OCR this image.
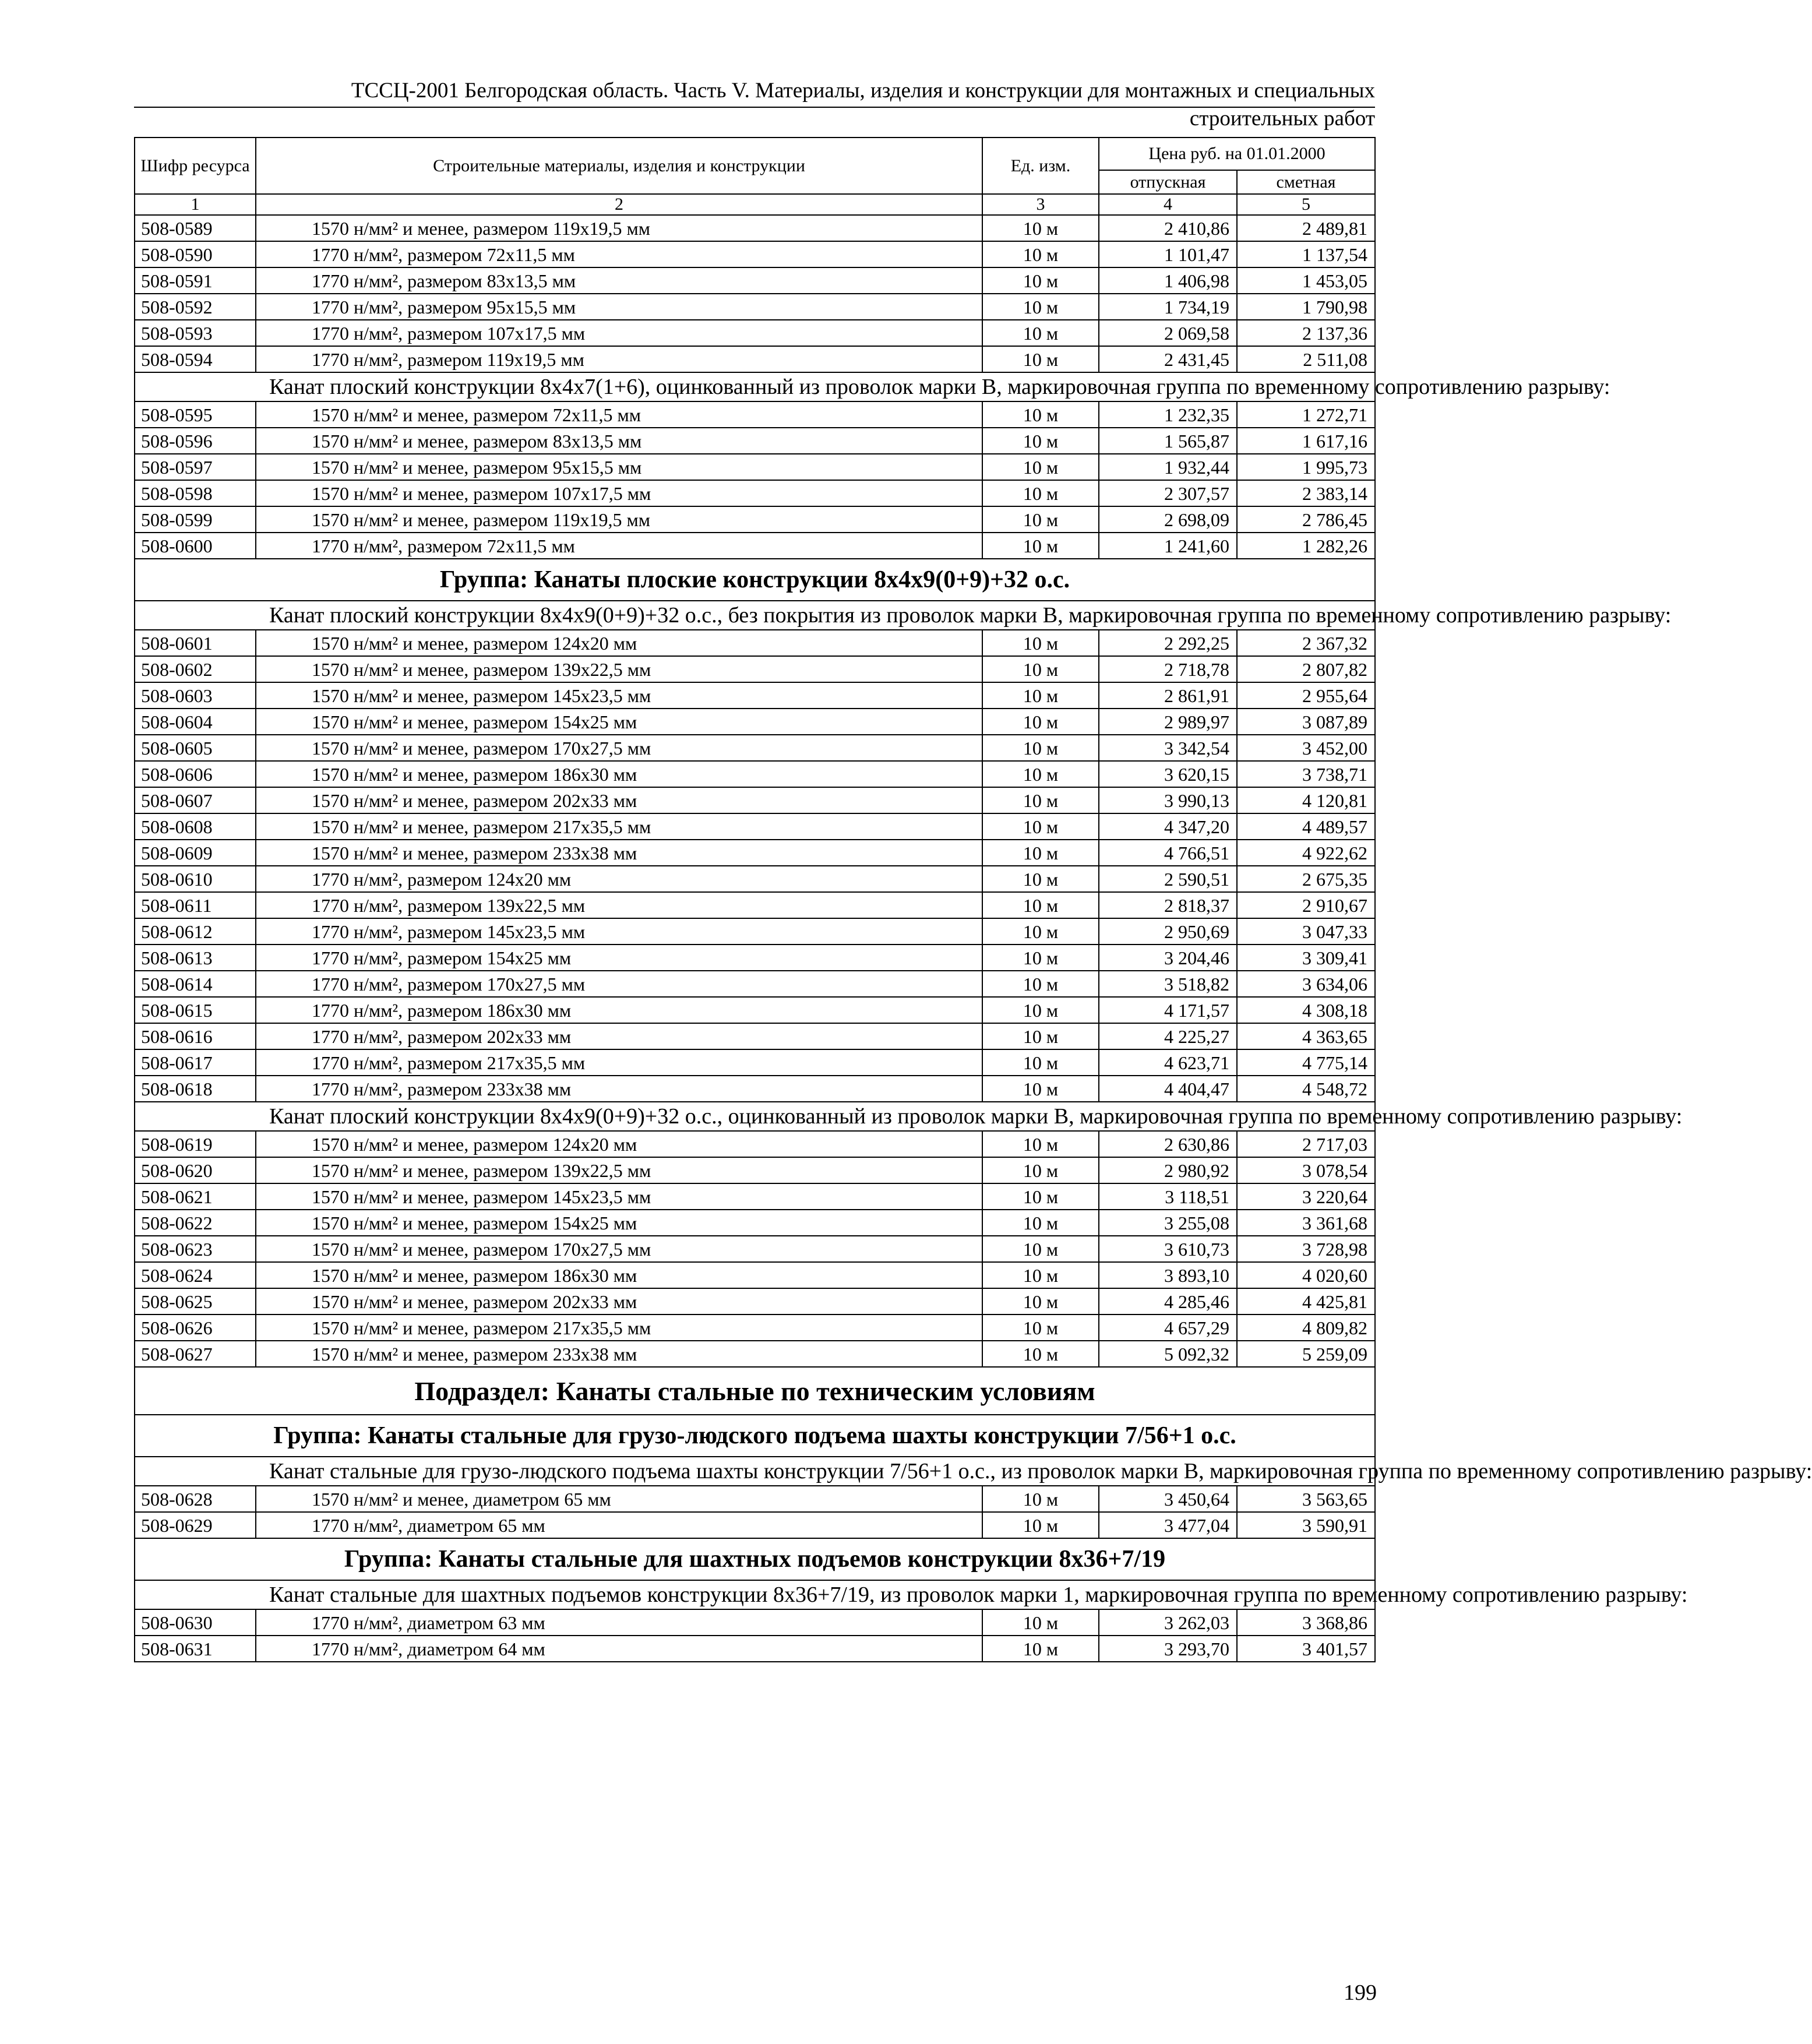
ТССЦ-2001 Белгородская область. Часть V. Материалы, изделия и конструкции для монтажных и специальных
строительных работ
Шифр ресурса	Строительные материалы, изделия и конструкции	Ед. изм.	Цена руб. на 01.01.2000	
			отпускная	сметная
1	2	3	4	5
508-0589	1570 н/мм² и менее, размером 119x19,5 мм	10 м	2 410,86	2 489,81
508-0590	1770 н/мм², размером 72x11,5 мм	10 м	1 101,47	1 137,54
508-0591	1770 н/мм², размером 83x13,5 мм	10 м	1 406,98	1 453,05
508-0592	1770 н/мм², размером 95x15,5 мм	10 м	1 734,19	1 790,98
508-0593	1770 н/мм², размером 107x17,5 мм	10 м	2 069,58	2 137,36
508-0594	1770 н/мм², размером 119x19,5 мм	10 м	2 431,45	2 511,08
Канат плоский конструкции 8x4x7(1+6), оцинкованный из проволок марки В, маркировочная группа по временному сопротивлению разрыву:				
508-0595	1570 н/мм² и менее, размером 72x11,5 мм	10 м	1 232,35	1 272,71
508-0596	1570 н/мм² и менее, размером 83x13,5 мм	10 м	1 565,87	1 617,16
508-0597	1570 н/мм² и менее, размером 95x15,5 мм	10 м	1 932,44	1 995,73
508-0598	1570 н/мм² и менее, размером 107x17,5 мм	10 м	2 307,57	2 383,14
508-0599	1570 н/мм² и менее, размером 119x19,5 мм	10 м	2 698,09	2 786,45
508-0600	1770 н/мм², размером 72x11,5 мм	10 м	1 241,60	1 282,26
Группа: Канаты плоские конструкции 8x4x9(0+9)+32 о.с.				
Канат плоский конструкции 8x4x9(0+9)+32 о.с., без покрытия из проволок марки В, маркировочная группа по временному сопротивлению разрыву:				
508-0601	1570 н/мм² и менее, размером 124x20 мм	10 м	2 292,25	2 367,32
508-0602	1570 н/мм² и менее, размером 139x22,5 мм	10 м	2 718,78	2 807,82
508-0603	1570 н/мм² и менее, размером 145x23,5 мм	10 м	2 861,91	2 955,64
508-0604	1570 н/мм² и менее, размером 154x25 мм	10 м	2 989,97	3 087,89
508-0605	1570 н/мм² и менее, размером 170x27,5 мм	10 м	3 342,54	3 452,00
508-0606	1570 н/мм² и менее, размером 186x30 мм	10 м	3 620,15	3 738,71
508-0607	1570 н/мм² и менее, размером 202x33 мм	10 м	3 990,13	4 120,81
508-0608	1570 н/мм² и менее, размером 217x35,5 мм	10 м	4 347,20	4 489,57
508-0609	1570 н/мм² и менее, размером 233x38 мм	10 м	4 766,51	4 922,62
508-0610	1770 н/мм², размером 124x20 мм	10 м	2 590,51	2 675,35
508-0611	1770 н/мм², размером 139x22,5 мм	10 м	2 818,37	2 910,67
508-0612	1770 н/мм², размером 145x23,5 мм	10 м	2 950,69	3 047,33
508-0613	1770 н/мм², размером 154x25 мм	10 м	3 204,46	3 309,41
508-0614	1770 н/мм², размером 170x27,5 мм	10 м	3 518,82	3 634,06
508-0615	1770 н/мм², размером 186x30 мм	10 м	4 171,57	4 308,18
508-0616	1770 н/мм², размером 202x33 мм	10 м	4 225,27	4 363,65
508-0617	1770 н/мм², размером 217x35,5 мм	10 м	4 623,71	4 775,14
508-0618	1770 н/мм², размером 233x38 мм	10 м	4 404,47	4 548,72
Канат плоский конструкции 8x4x9(0+9)+32 о.с., оцинкованный из проволок марки В, маркировочная группа по временному сопротивлению разрыву:				
508-0619	1570 н/мм² и менее, размером 124x20 мм	10 м	2 630,86	2 717,03
508-0620	1570 н/мм² и менее, размером 139x22,5 мм	10 м	2 980,92	3 078,54
508-0621	1570 н/мм² и менее, размером 145x23,5 мм	10 м	3 118,51	3 220,64
508-0622	1570 н/мм² и менее, размером 154x25 мм	10 м	3 255,08	3 361,68
508-0623	1570 н/мм² и менее, размером 170x27,5 мм	10 м	3 610,73	3 728,98
508-0624	1570 н/мм² и менее, размером 186x30 мм	10 м	3 893,10	4 020,60
508-0625	1570 н/мм² и менее, размером 202x33 мм	10 м	4 285,46	4 425,81
508-0626	1570 н/мм² и менее, размером 217x35,5 мм	10 м	4 657,29	4 809,82
508-0627	1570 н/мм² и менее, размером 233x38 мм	10 м	5 092,32	5 259,09
Подраздел: Канаты стальные по техническим условиям				
Группа: Канаты стальные для грузо-людского подъема шахты конструкции 7/56+1 о.с.				
Канат стальные для грузо-людского подъема шахты конструкции 7/56+1 о.с., из проволок марки В, маркировочная группа по временному сопротивлению разрыву:				
508-0628	1570 н/мм² и менее, диаметром 65 мм	10 м	3 450,64	3 563,65
508-0629	1770 н/мм², диаметром 65 мм	10 м	3 477,04	3 590,91
Группа: Канаты стальные для шахтных подъемов конструкции 8x36+7/19				
Канат стальные для шахтных подъемов конструкции 8x36+7/19, из проволок марки 1, маркировочная группа по временному сопротивлению разрыву:				
508-0630	1770 н/мм², диаметром 63 мм	10 м	3 262,03	3 368,86
508-0631	1770 н/мм², диаметром 64 мм	10 м	3 293,70	3 401,57
199
